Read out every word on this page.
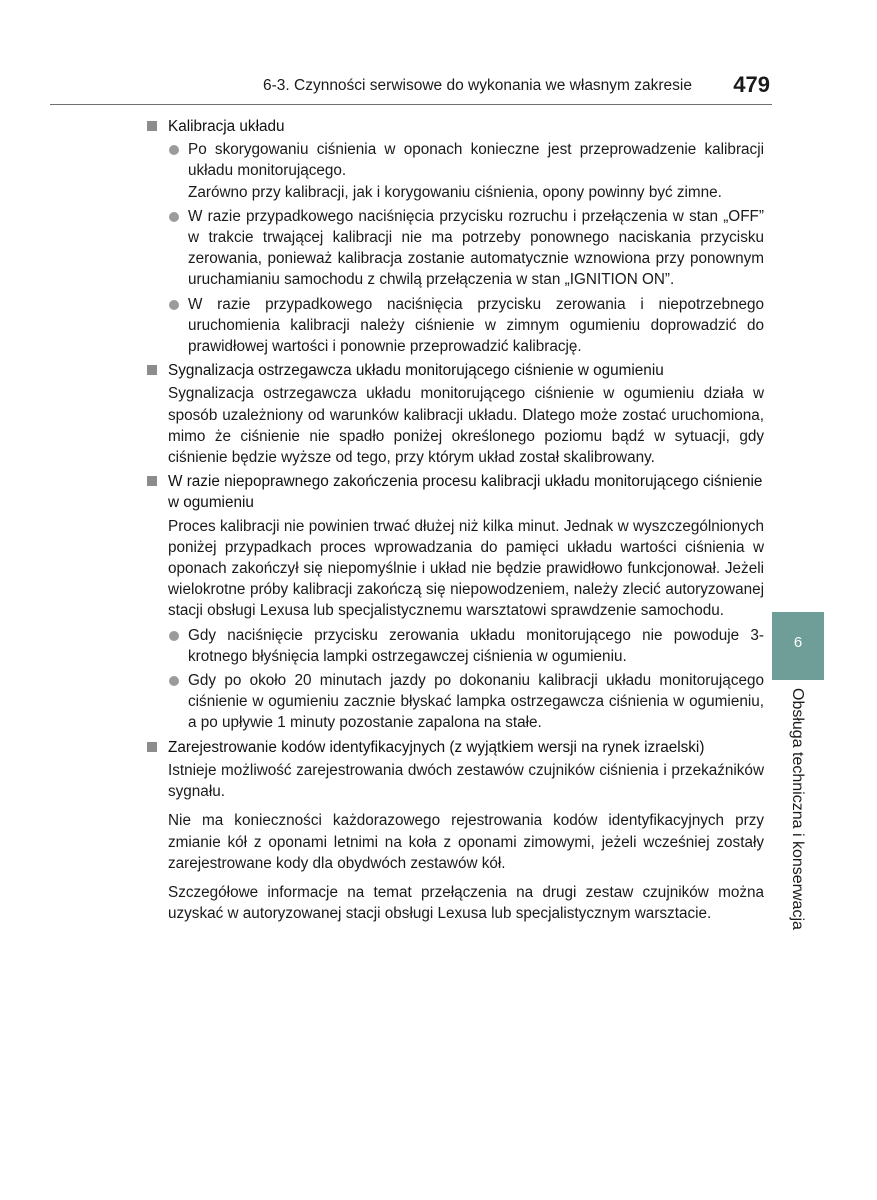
6-3. Czynności serwisowe do wykonania we własnym zakresie 479
Kalibracja układu
Po skorygowaniu ciśnienia w oponach konieczne jest przeprowadzenie kalibracji układu monitorującego.
Zarówno przy kalibracji, jak i korygowaniu ciśnienia, opony powinny być zimne.
W razie przypadkowego naciśnięcia przycisku rozruchu i przełączenia w stan „OFF” w trakcie trwającej kalibracji nie ma potrzeby ponownego naciskania przycisku zerowania, ponieważ kalibracja zostanie automatycznie wznowiona przy ponownym uruchamianiu samochodu z chwilą przełączenia w stan „IGNITION ON”.
W razie przypadkowego naciśnięcia przycisku zerowania i niepotrzebnego uruchomienia kalibracji należy ciśnienie w zimnym ogumieniu doprowadzić do prawidłowej wartości i ponownie przeprowadzić kalibrację.
Sygnalizacja ostrzegawcza układu monitorującego ciśnienie w ogumieniu

Sygnalizacja ostrzegawcza układu monitorującego ciśnienie w ogumieniu działa w sposób uzależniony od warunków kalibracji układu. Dlatego może zostać uruchomiona, mimo że ciśnienie nie spadło poniżej określonego poziomu bądź w sytuacji, gdy ciśnienie będzie wyższe od tego, przy którym układ został skalibrowany.

W razie niepoprawnego zakończenia procesu kalibracji układu monitorującego ciśnienie w ogumieniu

Proces kalibracji nie powinien trwać dłużej niż kilka minut. Jednak w wyszczególnionych poniżej przypadkach proces wprowadzania do pamięci układu wartości ciśnienia w oponach zakończył się niepomyślnie i układ nie będzie prawidłowo funkcjonował. Jeżeli wielokrotne próby kalibracji zakończą się niepowodzeniem, należy zlecić autoryzowanej stacji obsługi Lexusa lub specjalistycznemu warsztatowi sprawdzenie samochodu.

Gdy naciśnięcie przycisku zerowania układu monitorującego nie powoduje 3-krotnego błyśnięcia lampki ostrzegawczej ciśnienia w ogumieniu.
Gdy po około 20 minutach jazdy po dokonaniu kalibracji układu monitorującego ciśnienie w ogumieniu zacznie błyskać lampka ostrzegawcza ciśnienia w ogumieniu, a po upływie 1 minuty pozostanie zapalona na stałe.
Zarejestrowanie kodów identyfikacyjnych (z wyjątkiem wersji na rynek izraelski)

Istnieje możliwość zarejestrowania dwóch zestawów czujników ciśnienia i przekaźników sygnału.

Nie ma konieczności każdorazowego rejestrowania kodów identyfikacyjnych przy zmianie kół z oponami letnimi na koła z oponami zimowymi, jeżeli wcześniej zostały zarejestrowane kody dla obydwóch zestawów kół.

Szczegółowe informacje na temat przełączenia na drugi zestaw czujników można uzyskać w autoryzowanej stacji obsługi Lexusa lub specjalistycznym warsztacie.

6
Obsługa techniczna i konserwacja
